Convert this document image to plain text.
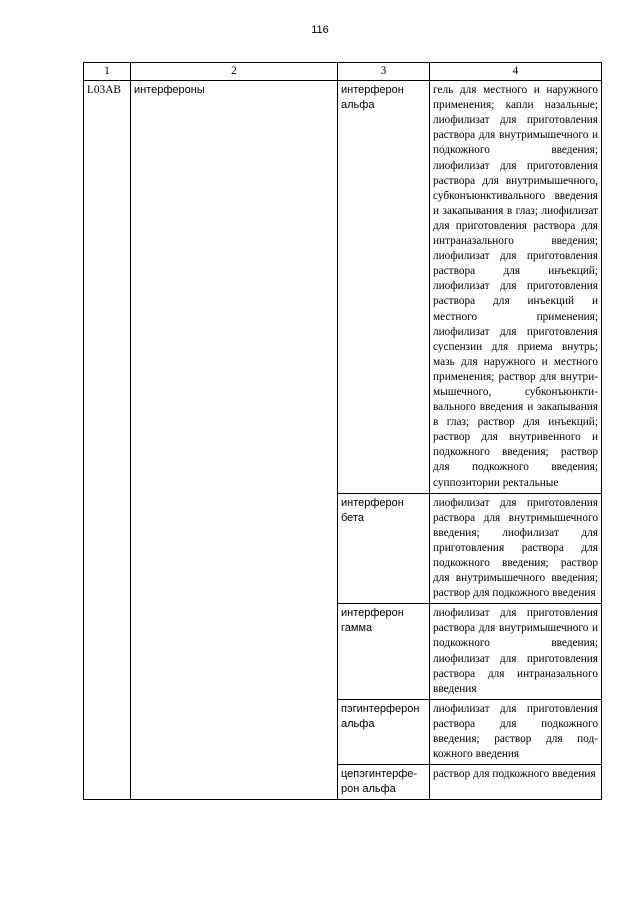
116
1	2	3	4
L03AB	интерфероны	интерферон альфа	гель для местного и наружного применения; капли назальные; лиофилизат для приготовления раствора для внутримышечного и подкожного введения; лиофилизат для приготовления раствора для внутримышечного, субконъюнктивального введения и закапывания в глаз; лиофилизат для приготовления раствора для интраназального введения; лиофилизат для приготовления раствора для инъекций; лиофилизат для приготовления раствора для инъекций и местного применения; лиофилизат для приготовления суспензии для приема внутрь; мазь для наружного и местного применения; раствор для внутримышечного, субконъюнктивального введения и закапывания в глаз; раствор для инъекций; раствор для внутривенного и подкожного введения; раствор для подкожного введения; суппозитории ректальные
		интерферон бета	лиофилизат для приготовления раствора для внутримышечного введения; лиофилизат для приготовления раствора для подкожного введения; раствор для внутримышечного введения; раствор для подкожного введения
		интерферон гамма	лиофилизат для приготовления раствора для внутримышечного и подкожного введения; лиофилизат для приготовления раствора для интраназального введения
		пэгинтерферон альфа	лиофилизат для приготовления раствора для подкожного введения; раствор для подкожного введения
		цепэгинтерферон альфа	раствор для подкожного введения
